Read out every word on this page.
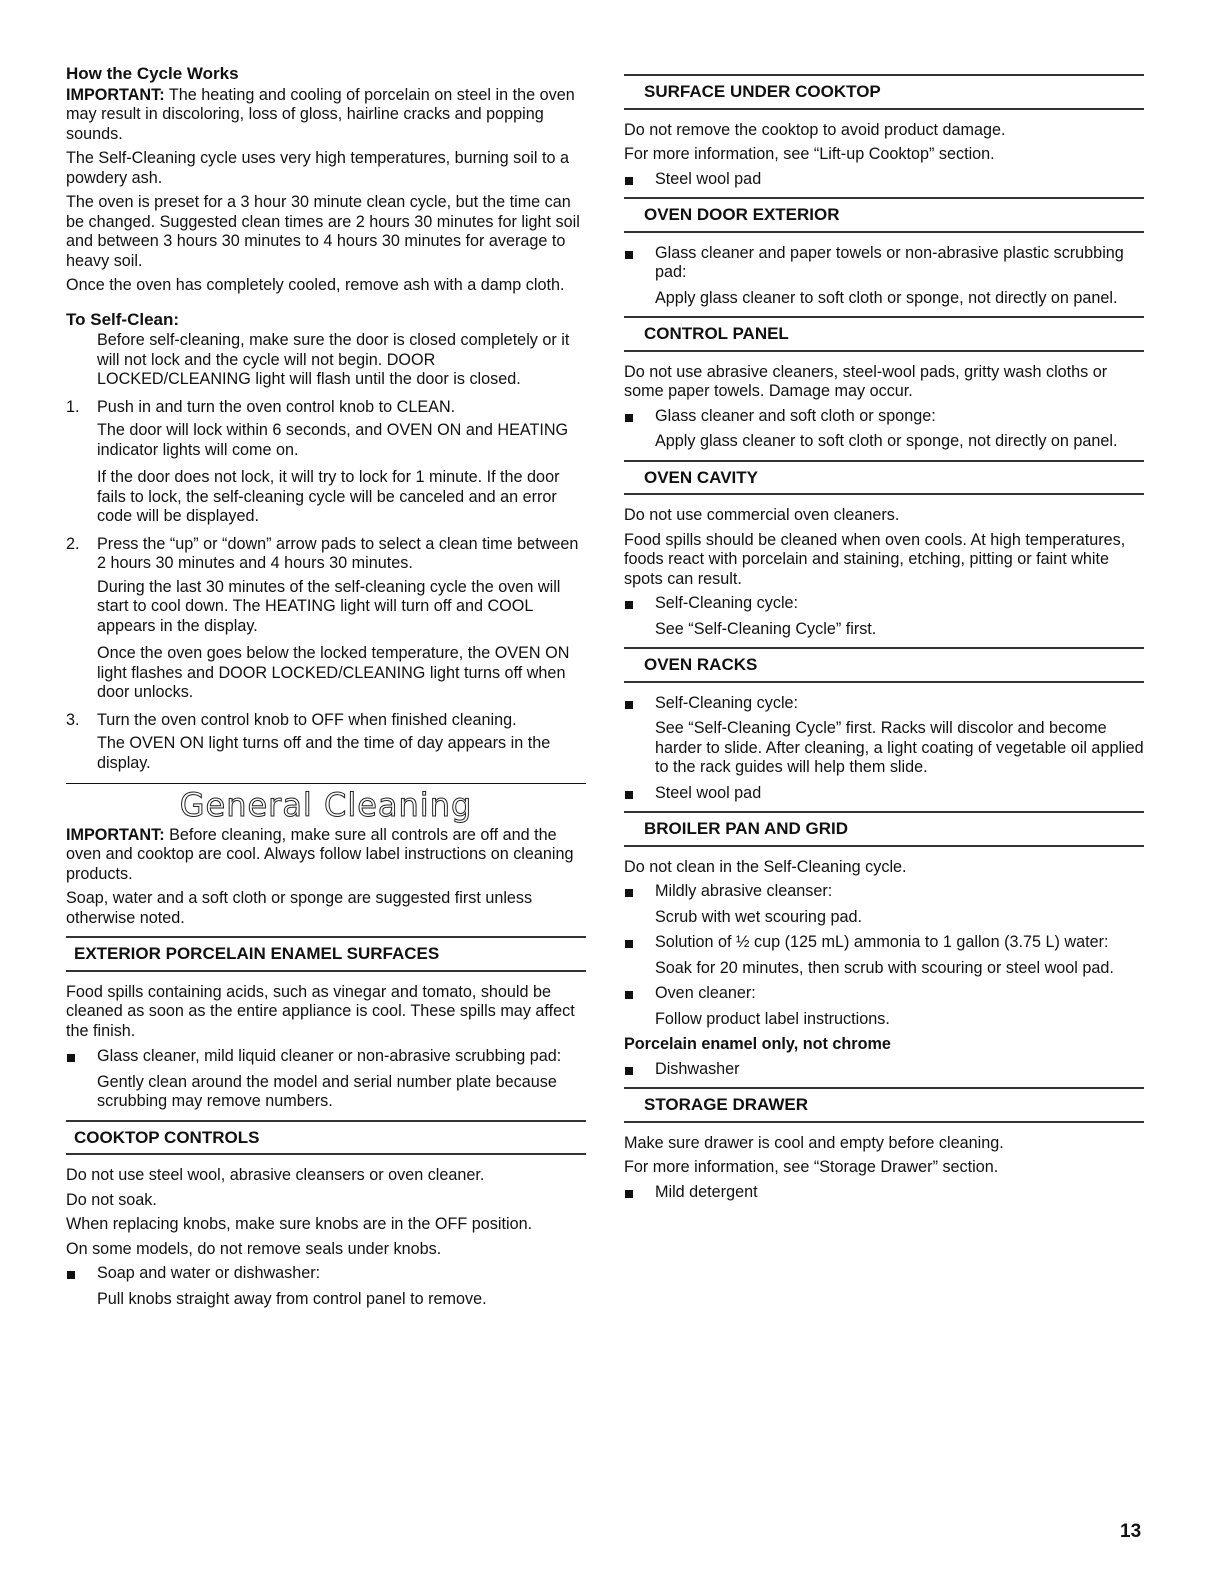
How the Cycle Works

IMPORTANT: The heating and cooling of porcelain on steel in the oven may result in discoloring, loss of gloss, hairline cracks and popping sounds.

The Self-Cleaning cycle uses very high temperatures, burning soil to a powdery ash.

The oven is preset for a 3 hour 30 minute clean cycle, but the time can be changed. Suggested clean times are 2 hours 30 minutes for light soil and between 3 hours 30 minutes to 4 hours 30 minutes for average to heavy soil.

Once the oven has completely cooled, remove ash with a damp cloth.

To Self-Clean:

Before self-cleaning, make sure the door is closed completely or it will not lock and the cycle will not begin. DOOR LOCKED/CLEANING light will flash until the door is closed.

1. Push in and turn the oven control knob to CLEAN.

The door will lock within 6 seconds, and OVEN ON and HEATING indicator lights will come on.

If the door does not lock, it will try to lock for 1 minute. If the door fails to lock, the self-cleaning cycle will be canceled and an error code will be displayed.

2. Press the “up” or “down” arrow pads to select a clean time between 2 hours 30 minutes and 4 hours 30 minutes.

During the last 30 minutes of the self-cleaning cycle the oven will start to cool down. The HEATING light will turn off and COOL appears in the display.

Once the oven goes below the locked temperature, the OVEN ON light flashes and DOOR LOCKED/CLEANING light turns off when door unlocks.

3. Turn the oven control knob to OFF when finished cleaning.

The OVEN ON light turns off and the time of day appears in the display.

General Cleaning

IMPORTANT: Before cleaning, make sure all controls are off and the oven and cooktop are cool. Always follow label instructions on cleaning products.

Soap, water and a soft cloth or sponge are suggested first unless otherwise noted.

EXTERIOR PORCELAIN ENAMEL SURFACES

Food spills containing acids, such as vinegar and tomato, should be cleaned as soon as the entire appliance is cool. These spills may affect the finish.

Glass cleaner, mild liquid cleaner or non-abrasive scrubbing pad:

Gently clean around the model and serial number plate because scrubbing may remove numbers.

COOKTOP CONTROLS

Do not use steel wool, abrasive cleansers or oven cleaner.

Do not soak.

When replacing knobs, make sure knobs are in the OFF position.

On some models, do not remove seals under knobs.

Soap and water or dishwasher:

Pull knobs straight away from control panel to remove.

SURFACE UNDER COOKTOP

Do not remove the cooktop to avoid product damage.

For more information, see “Lift-up Cooktop” section.

Steel wool pad
OVEN DOOR EXTERIOR
Glass cleaner and paper towels or non-abrasive plastic scrubbing pad:

Apply glass cleaner to soft cloth or sponge, not directly on panel.

CONTROL PANEL

Do not use abrasive cleaners, steel-wool pads, gritty wash cloths or some paper towels. Damage may occur.

Glass cleaner and soft cloth or sponge:

Apply glass cleaner to soft cloth or sponge, not directly on panel.

OVEN CAVITY

Do not use commercial oven cleaners.

Food spills should be cleaned when oven cools. At high temperatures, foods react with porcelain and staining, etching, pitting or faint white spots can result.

Self-Cleaning cycle:

See “Self-Cleaning Cycle” first.

OVEN RACKS
Self-Cleaning cycle:

See “Self-Cleaning Cycle” first. Racks will discolor and become harder to slide. After cleaning, a light coating of vegetable oil applied to the rack guides will help them slide.

Steel wool pad
BROILER PAN AND GRID

Do not clean in the Self-Cleaning cycle.

Mildly abrasive cleanser:

Scrub with wet scouring pad.

Solution of ½ cup (125 mL) ammonia to 1 gallon (3.75 L) water:

Soak for 20 minutes, then scrub with scouring or steel wool pad.

Oven cleaner:

Follow product label instructions.

Porcelain enamel only, not chrome

Dishwasher
STORAGE DRAWER

Make sure drawer is cool and empty before cleaning.

For more information, see “Storage Drawer” section.

Mild detergent
13
